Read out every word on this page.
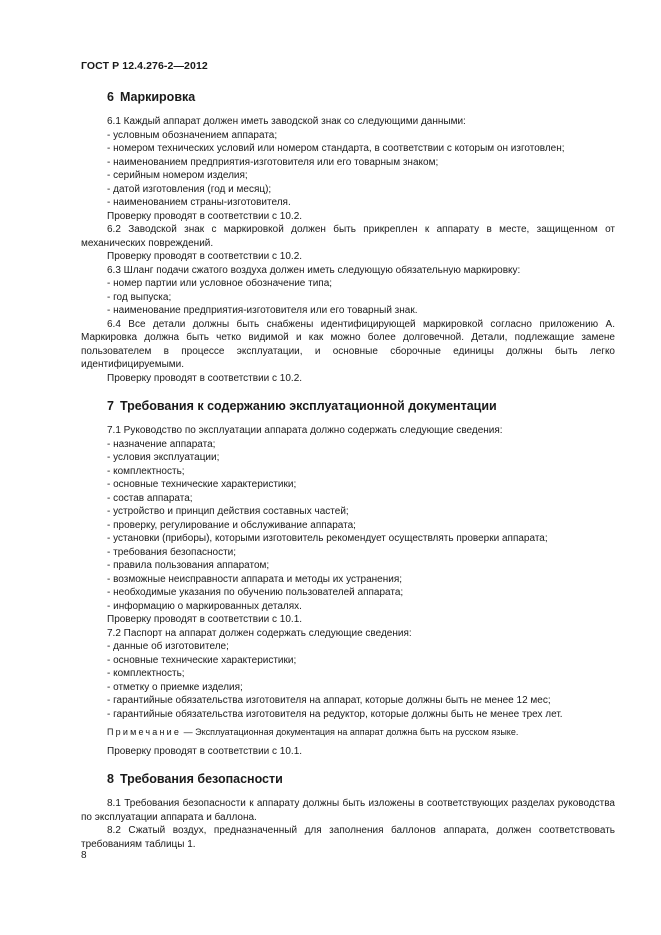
ГОСТ Р 12.4.276-2—2012
6 Маркировка

6.1 Каждый аппарат должен иметь заводской знак со следующими данными:

- условным обозначением аппарата;

- номером технических условий или номером стандарта, в соответствии с которым он изготовлен;

- наименованием предприятия-изготовителя или его товарным знаком;

- серийным номером изделия;

- датой изготовления (год и месяц);

- наименованием страны-изготовителя.

Проверку проводят в соответствии с 10.2.

6.2 Заводской знак с маркировкой должен быть прикреплен к аппарату в месте, защищенном от механических повреждений.

Проверку проводят в соответствии с 10.2.

6.3 Шланг подачи сжатого воздуха должен иметь следующую обязательную маркировку:

- номер партии или условное обозначение типа;

- год выпуска;

- наименование предприятия-изготовителя или его товарный знак.

6.4 Все детали должны быть снабжены идентифицирующей маркировкой согласно приложению А. Маркировка должна быть четко видимой и как можно более долговечной. Детали, подлежащие замене пользователем в процессе эксплуатации, и основные сборочные единицы должны быть легко идентифицируемыми.

Проверку проводят в соответствии с 10.2.

7 Требования к содержанию эксплуатационной документации

7.1 Руководство по эксплуатации аппарата должно содержать следующие сведения:

- назначение аппарата;

- условия эксплуатации;

- комплектность;

- основные технические характеристики;

- состав аппарата;

- устройство и принцип действия составных частей;

- проверку, регулирование и обслуживание аппарата;

- установки (приборы), которыми изготовитель рекомендует осуществлять проверки аппарата;

- требования безопасности;

- правила пользования аппаратом;

- возможные неисправности аппарата и методы их устранения;

- необходимые указания по обучению пользователей аппарата;

- информацию о маркированных деталях.

Проверку проводят в соответствии с 10.1.

7.2 Паспорт на аппарат должен содержать следующие сведения:

- данные об изготовителе;

- основные технические характеристики;

- комплектность;

- отметку о приемке изделия;

- гарантийные обязательства изготовителя на аппарат, которые должны быть не менее 12 мес;

- гарантийные обязательства изготовителя на редуктор, которые должны быть не менее трех лет.

Примечание — Эксплуатационная документация на аппарат должна быть на русском языке.

Проверку проводят в соответствии с 10.1.

8 Требования безопасности

8.1 Требования безопасности к аппарату должны быть изложены в соответствующих разделах руководства по эксплуатации аппарата и баллона.

8.2 Сжатый воздух, предназначенный для заполнения баллонов аппарата, должен соответствовать требованиям таблицы 1.

8
